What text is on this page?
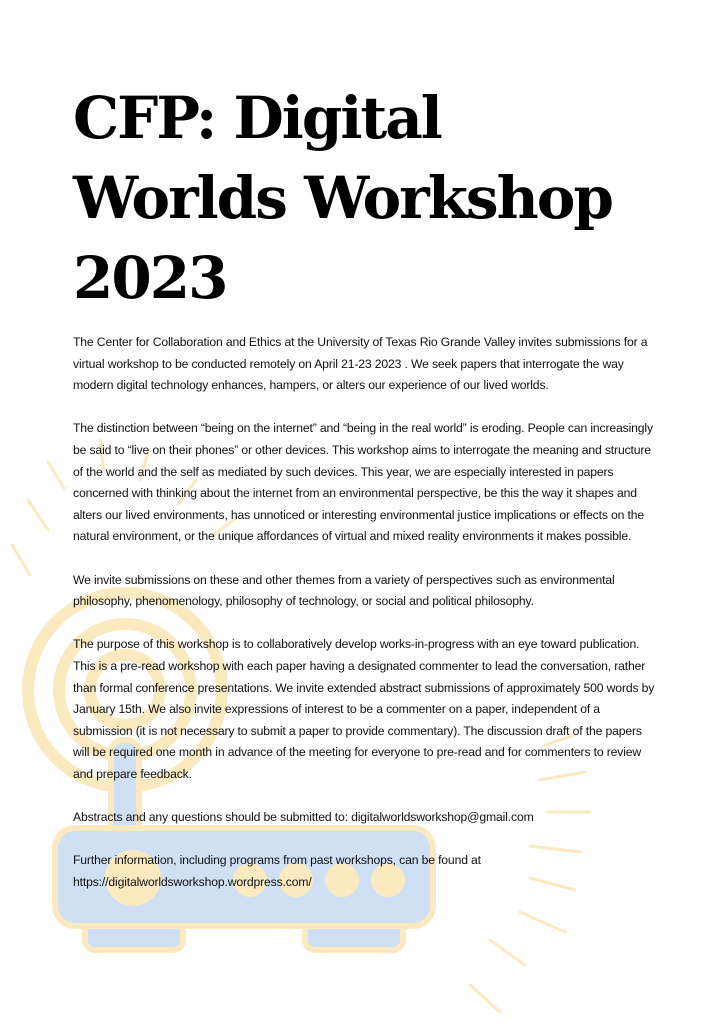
CFP: Digital Worlds Workshop 2023

The Center for Collaboration and Ethics at the University of Texas Rio Grande Valley invites submissions for a virtual workshop to be conducted remotely on April 21-23 2023 . We seek papers that interrogate the way modern digital technology enhances, hampers, or alters our experience of our lived worlds.

The distinction between “being on the internet” and “being in the real world” is eroding. People can increasingly be said to “live on their phones” or other devices. This workshop aims to interrogate the meaning and structure of the world and the self as mediated by such devices. This year, we are especially interested in papers concerned with thinking about the internet from an environmental perspective, be this the way it shapes and alters our lived environments, has unnoticed or interesting environmental justice implications or effects on the natural environment, or the unique affordances of virtual and mixed reality environments it makes possible.

We invite submissions on these and other themes from a variety of perspectives such as environmental philosophy, phenomenology, philosophy of technology, or social and political philosophy.

The purpose of this workshop is to collaboratively develop works-in-progress with an eye toward publication. This is a pre-read workshop with each paper having a designated commenter to lead the conversation, rather than formal conference presentations. We invite extended abstract submissions of approximately 500 words by January 15th. We also invite expressions of interest to be a commenter on a paper, independent of a submission (it is not necessary to submit a paper to provide commentary). The discussion draft of the papers will be required one month in advance of the meeting for everyone to pre-read and for commenters to review and prepare feedback.

Abstracts and any questions should be submitted to: digitalworldsworkshop@gmail.com

Further information, including programs from past workshops, can be found at https://digitalworldsworkshop.wordpress.com/
